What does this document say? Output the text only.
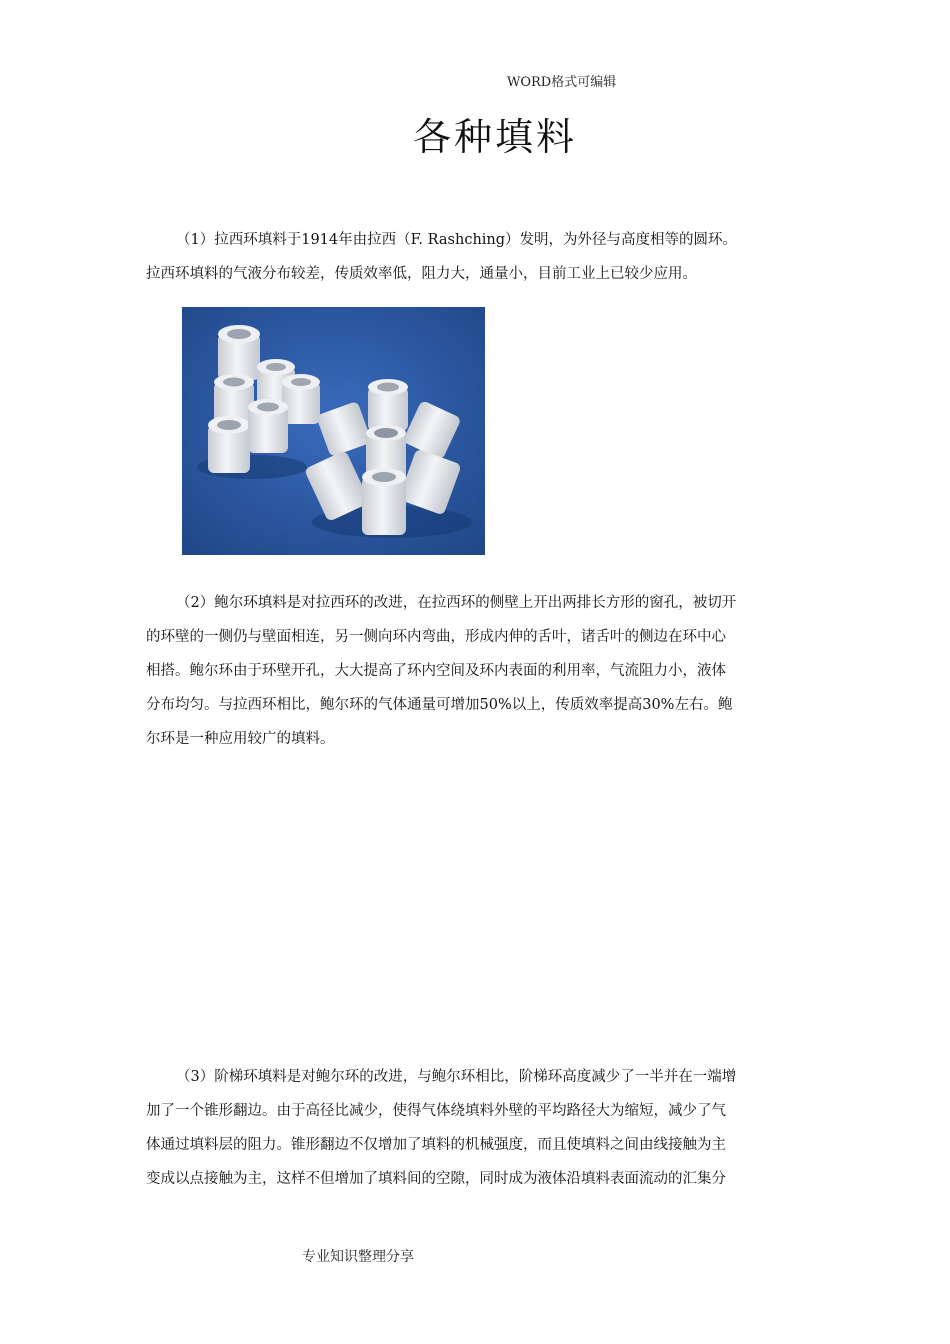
WORD格式可编辑
各种填料

（1）拉西环填料于1914年由拉西（F. Rashching）发明，为外径与高度相等的圆环。
拉西环填料的气液分布较差，传质效率低，阻力大，通量小，目前工业上已较少应用。

（2）鲍尔环填料是对拉西环的改进，在拉西环的侧壁上开出两排长方形的窗孔，被切开
的环壁的一侧仍与壁面相连，另一侧向环内弯曲，形成内伸的舌叶，诸舌叶的侧边在环中心
相搭。鲍尔环由于环壁开孔，大大提高了环内空间及环内表面的利用率，气流阻力小，液体
分布均匀。与拉西环相比，鲍尔环的气体通量可增加50%以上，传质效率提高30%左右。鲍
尔环是一种应用较广的填料。

（3）阶梯环填料是对鲍尔环的改进，与鲍尔环相比，阶梯环高度减少了一半并在一端增
加了一个锥形翻边。由于高径比减少，使得气体绕填料外壁的平均路径大为缩短，减少了气
体通过填料层的阻力。锥形翻边不仅增加了填料的机械强度，而且使填料之间由线接触为主
变成以点接触为主，这样不但增加了填料间的空隙，同时成为液体沿填料表面流动的汇集分

专业知识整理分享
